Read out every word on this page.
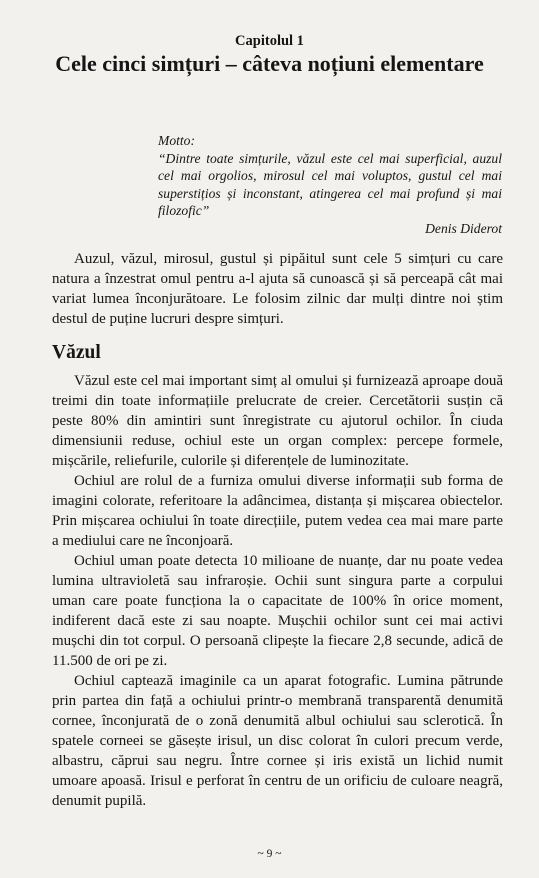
Capitolul 1
Cele cinci simțuri – câteva noțiuni elementare

Motto:

“Dintre toate simțurile, văzul este cel mai superficial, auzul cel mai orgolios, mirosul cel mai voluptos, gustul cel mai superstițios și inconstant, atingerea cel mai profund și mai filozofic”

Denis Diderot

Auzul, văzul, mirosul, gustul și pipăitul sunt cele 5 simțuri cu care natura a înzestrat omul pentru a-l ajuta să cunoască și să perceapă cât mai variat lumea înconjurătoare. Le folosim zilnic dar mulți dintre noi știm destul de puține lucruri despre simțuri.

Văzul

Văzul este cel mai important simț al omului și furnizează aproape două treimi din toate informațiile prelucrate de creier. Cercetătorii susțin că peste 80% din amintiri sunt înregistrate cu ajutorul ochilor. În ciuda dimensiunii reduse, ochiul este un organ complex: percepe formele, mișcările, reliefurile, culorile și diferențele de luminozitate.

Ochiul are rolul de a furniza omului diverse informații sub forma de imagini colorate, referitoare la adâncimea, distanța și mișcarea obiectelor. Prin mișcarea ochiului în toate direcțiile, putem vedea cea mai mare parte a mediului care ne înconjoară.

Ochiul uman poate detecta 10 milioane de nuanțe, dar nu poate vedea lumina ultravioletă sau infraroșie. Ochii sunt singura parte a corpului uman care poate funcționa la o capacitate de 100% în orice moment, indiferent dacă este zi sau noapte. Mușchii ochilor sunt cei mai activi mușchi din tot corpul. O persoană clipește la fiecare 2,8 secunde, adică de 11.500 de ori pe zi.

Ochiul captează imaginile ca un aparat fotografic. Lumina pătrunde prin partea din față a ochiului printr-o membrană transparentă denumită cornee, înconjurată de o zonă denumită albul ochiului sau sclerotică. În spatele corneei se găsește irisul, un disc colorat în culori precum verde, albastru, căprui sau negru. Între cornee și iris există un lichid numit umoare apoasă. Irisul e perforat în centru de un orificiu de culoare neagră, denumit pupilă.

~ 9 ~
